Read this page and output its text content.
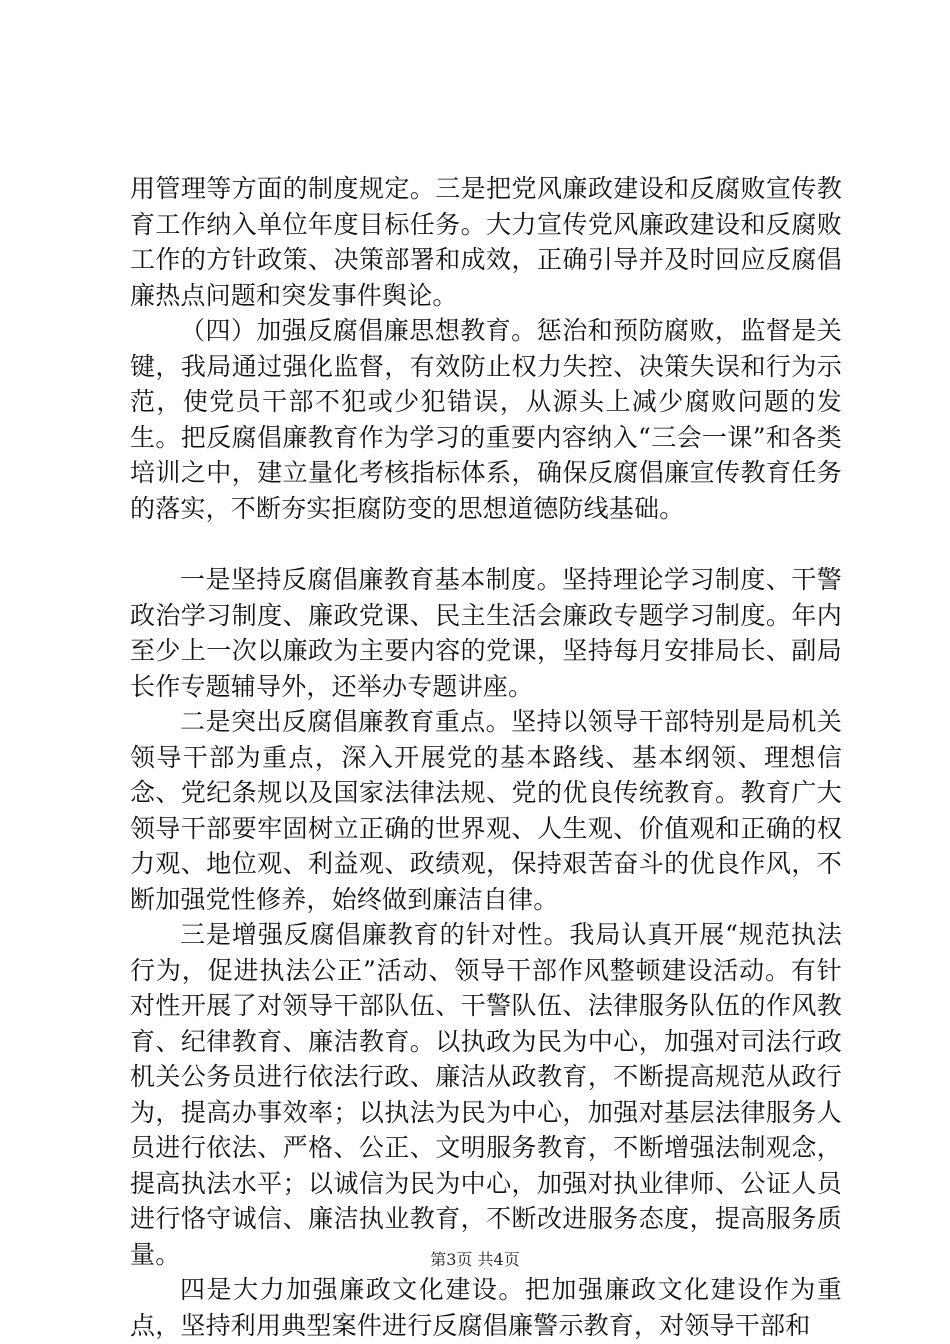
用管理等方面的制度规定。三是把党风廉政建设和反腐败宣传教育工作纳入单位年度目标任务。大力宣传党风廉政建设和反腐败工作的方针政策、决策部署和成效，正确引导并及时回应反腐倡廉热点问题和突发事件舆论。

（四）加强反腐倡廉思想教育。惩治和预防腐败，监督是关键，我局通过强化监督，有效防止权力失控、决策失误和行为示范，使党员干部不犯或少犯错误，从源头上减少腐败问题的发生。把反腐倡廉教育作为学习的重要内容纳入“三会一课”和各类培训之中，建立量化考核指标体系，确保反腐倡廉宣传教育任务的落实，不断夯实拒腐防变的思想道德防线基础。

一是坚持反腐倡廉教育基本制度。坚持理论学习制度、干警政治学习制度、廉政党课、民主生活会廉政专题学习制度。年内至少上一次以廉政为主要内容的党课，坚持每月安排局长、副局长作专题辅导外，还举办专题讲座。

二是突出反腐倡廉教育重点。坚持以领导干部特别是局机关领导干部为重点，深入开展党的基本路线、基本纲领、理想信念、党纪条规以及国家法律法规、党的优良传统教育。教育广大领导干部要牢固树立正确的世界观、人生观、价值观和正确的权力观、地位观、利益观、政绩观，保持艰苦奋斗的优良作风，不断加强党性修养，始终做到廉洁自律。

三是增强反腐倡廉教育的针对性。我局认真开展“规范执法行为，促进执法公正”活动、领导干部作风整顿建设活动。有针对性开展了对领导干部队伍、干警队伍、法律服务队伍的作风教育、纪律教育、廉洁教育。以执政为民为中心，加强对司法行政机关公务员进行依法行政、廉洁从政教育，不断提高规范从政行为，提高办事效率；以执法为民为中心，加强对基层法律服务人员进行依法、严格、公正、文明服务教育，不断增强法制观念，提高执法水平；以诚信为民为中心，加强对执业律师、公证人员进行恪守诚信、廉洁执业教育，不断改进服务态度，提高服务质量。

四是大力加强廉政文化建设。把加强廉政文化建设作为重点，坚持利用典型案件进行反腐倡廉警示教育，对领导干部和

第3页 共4页
